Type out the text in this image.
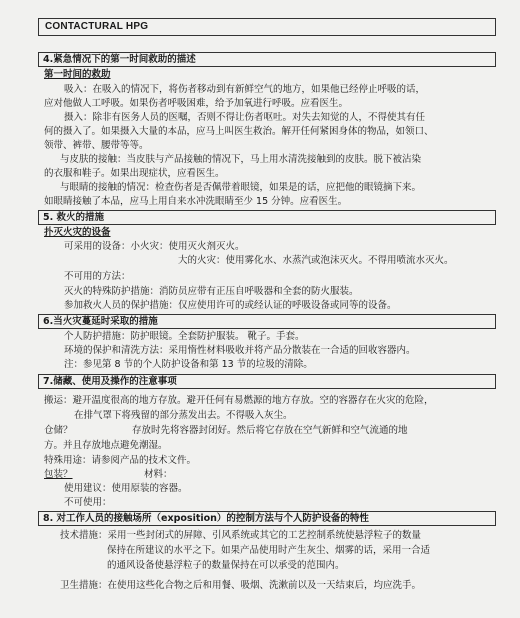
CONTACTURAL HPG
4.紧急情况下的第一时间救助的描述
第一时间的救助
吸入：在吸入的情况下，将伤者移动到有新鲜空气的地方，如果他已经停止呼吸的话，
应对他做人工呼吸。如果伤者呼吸困难，给予加氧进行呼吸。应看医生。
摄入：除非有医务人员的医嘱，否则不得让伤者呕吐。对失去知觉的人，不得使其有任
何的摄入了。如果摄入大量的本品，应马上叫医生救治。解开任何紧困身体的物品，如领口、
领带、裤带、腰带等等。
与皮肤的接触：当皮肤与产品接触的情况下，马上用水清洗接触到的皮肤。脱下被沾染
的衣服和鞋子。如果出现症状，应看医生。
与眼睛的接触的情况：检查伤者是否佩带着眼镜，如果是的话，应把他的眼镜摘下来。
如眼睛接触了本品，应马上用自来水冲洗眼睛至少 15 分钟。应看医生。
5. 救火的措施
扑灭火灾的设备
可采用的设备：小火灾：使用灭火剂灭火。
大的火灾：使用雾化水、水蒸汽或泡沫灭火。不得用喷流水灭火。
不可用的方法：
灭火的特殊防护措施：消防员应带有正压自呼吸器和全套的防火服装。
参加救火人员的保护措施：仅应使用许可的或经认证的呼吸设备或同等的设备。
6.当火灾蔓延时采取的措施
个人防护措施：防护眼镜。全套防护服装。 靴子。手套。
环境的保护和清洗方法：采用惰性材料吸收并将产品分散装在一合适的回收容器内。
注：参见第 8 节的个人防护设备和第 13 节的垃圾的清除。
7.储藏、使用及操作的注意事项
搬运：避开温度很高的地方存放。避开任何有易燃源的地方存放。空的容器存在火灾的危险，
在排气罩下将残留的部分蒸发出去。不得吸入灰尘。
仓储？	存放时先将容器封闭好。然后将它存放在空气新鲜和空气流通的地
方。并且存放地点避免潮湿。
特殊用途：请参阅产品的技术文件。
包装？	材料：
使用建议：使用原装的容器。
不可使用：
8. 对工作人员的接触场所（exposition）的控制方法与个人防护设备的特性
技术措施：采用一些封闭式的屏障、引风系统或其它的工艺控制系统使悬浮粒子的数量
保持在所建议的水平之下。如果产品使用时产生灰尘、烟雾的话，采用一合适
的通风设备使悬浮粒子的数量保持在可以承受的范围内。
卫生措施：在使用这些化合物之后和用餐、吸烟、洗漱前以及一天结束后，均应洗手。
